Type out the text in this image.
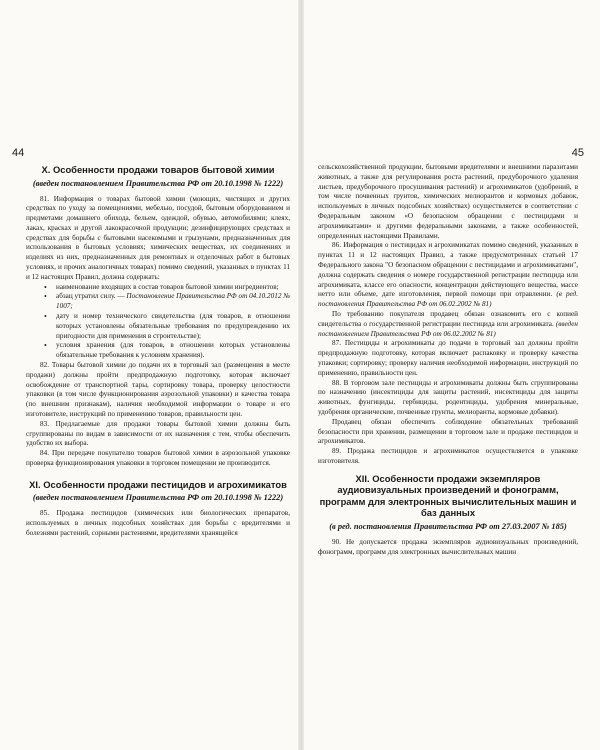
44
X. Особенности продажи товаров бытовой химии
(введен постановлением Правительства РФ от 20.10.1998 № 1222)

81. Информация о товарах бытовой химии (моющих, чистящих и других средствах по уходу за помещениями, мебелью, посудой, бытовым оборудованием и предметами домашнего обихода, бельем, одеждой, обувью, автомобилями; клеях, лаках, красках и другой лакокрасочной продукции; дезинфицирующих средствах и средствах для борьбы с бытовыми насекомыми и грызунами, предназначенных для использования в бытовых условиях; химических веществах, их соединениях и изделиях из них, предназначенных для ремонтных и отделочных работ в бытовых условиях, и прочих аналогичных товарах) помимо сведений, указанных в пунктах 11 и 12 настоящих Правил, должна содержать:

• наименование входящих в состав товаров бытовой химии ингредиентов;
• абзац утратил силу. — Постановление Правительства РФ от 04.10.2012 № 1007;
• дату и номер технического свидетельства (для товаров, в отношении которых установлены обязательные требования по предупреждению их пригодности для применения в строительстве);
• условия хранения (для товаров, в отношении которых установлены обязательные требования к условиям хранения).

82. Товары бытовой химии до подачи их в торговый зал (размещения в месте продажи) должны пройти предпродажную подготовку, которая включает освобождение от транспортной тары, сортировку товара, проверку целостности упаковки (в том числе функционирования аэрозольной упаковки) и качества товара (по внешним признакам), наличия необходимой информации о товаре и его изготовителе, инструкций по применению товаров, правильности цен.

83. Предлагаемые для продажи товары бытовой химии должны быть сгруппированы по видам в зависимости от их назначения с тем, чтобы обеспечить удобство их выбора.

84. При передаче покупателю товаров бытовой химии в аэрозольной упаковке проверка функционирования упаковки в торговом помещении не производится.

XI. Особенности продажи пестицидов и агрохимикатов
(введен постановлением Правительства РФ от 20.10.1998 № 1222)

85. Продажа пестицидов (химических или биологических препаратов, используемых в личных подсобных хозяйствах для борьбы с вредителями и болезнями растений, сорными растениями, вредителями хранящейся

45

сельскохозяйственной продукции, бытовыми вредителями и внешними паразитами животных, а также для регулирования роста растений, предуборочного удаления листьев, предуборочного просушивания растений) и агрохимикатов (удобрений, в том числе почвенных грунтов, химических мелиорантов и кормовых добавок, используемых в личных подсобных хозяйствах) осуществляется в соответствии с Федеральным законом «О безопасном обращении с пестицидами и агрохимикатами» и другими федеральными законами, а также особенностей, определенных настоящими Правилами.

86. Информация о пестицидах и агрохимикатах помимо сведений, указанных в пунктах 11 и 12 настоящих Правил, а также предусмотренных статьей 17 Федерального закона "О безопасном обращении с пестицидами и агрохимикатами", должна содержать сведения о номере государственной регистрации пестицида или агрохимиката, классе его опасности, концентрации действующего вещества, массе нетто или объеме, дате изготовления, первой помощи при отравлении. (в ред. постановления Правительства РФ от 06.02.2002 № 81)

По требованию покупателя продавец обязан ознакомить его с копией свидетельства о государственной регистрации пестицида или агрохимиката. (введен постановлением Правительства РФ от 06.02.2002 № 81)

87. Пестициды и агрохимикаты до подачи в торговый зал должны пройти предпродажную подготовку, которая включает распаковку и проверку качества упаковки; сортировку; проверку наличия необходимой информации, инструкций по применению, правильности цен.

88. В торговом зале пестициды и агрохимикаты должны быть сгруппированы по назначению (инсектициды для защиты растений, инсектициды для защиты животных, фунгициды, гербициды, родентициды, удобрения минеральные, удобрения органические, почвенные грунты, мелиоранты, кормовые добавки).

Продавец обязан обеспечить соблюдение обязательных требований безопасности при хранении, размещении в торговом зале и продаже пестицидов и агрохимикатов.

89. Продажа пестицидов и агрохимикатов осуществляется в упаковке изготовителя.

XII. Особенности продажи экземпляров аудиовизуальных произведений и фонограмм, программ для электронных вычислительных машин и баз данных
(в ред. постановления Правительства РФ от 27.03.2007 № 185)

90. Не допускается продажа экземпляров аудиовизуальных произведений, фонограмм, программ для электронных вычислительных машин
